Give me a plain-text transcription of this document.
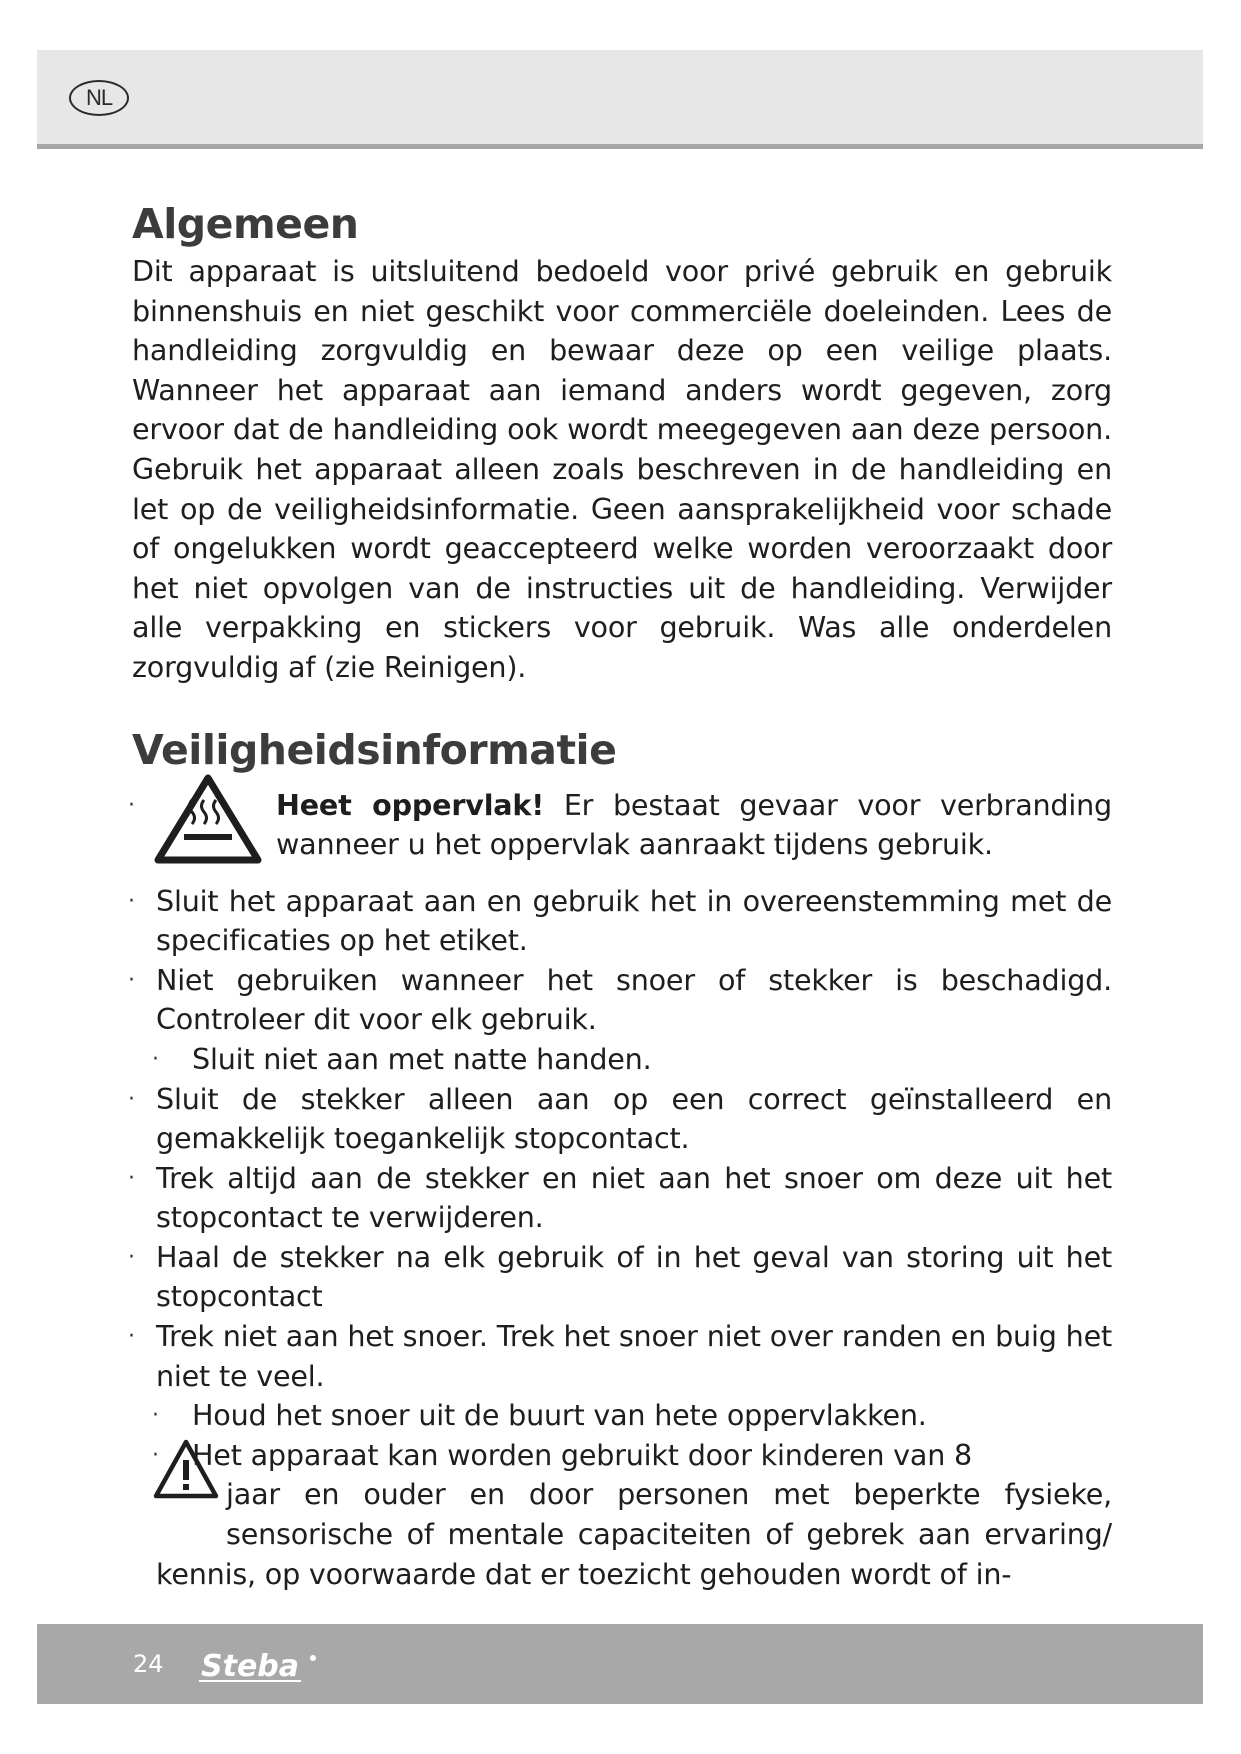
NL
Algemeen

Dit apparaat is uitsluitend bedoeld voor privé gebruik en gebruik binnenshuis en niet geschikt voor commerciële doeleinden. Lees de handleiding zorgvuldig en bewaar deze op een veilige plaats. Wanneer het apparaat aan iemand anders wordt gegeven, zorg ervoor dat de handleiding ook wordt meegegeven aan deze persoon. Gebruik het apparaat alleen zoals beschreven in de handleiding en let op de veiligheidsinformatie. Geen aansprakelijkheid voor schade of ongelukken wordt geaccepteerd welke worden veroorzaakt door het niet opvolgen van de instructies uit de handleiding. Verwijder alle verpakking en stickers voor gebruik. Was alle onderdelen zorgvuldig af (zie Reinigen).

Veiligheidsinformatie
·	Heet oppervlak! Er bestaat gevaar voor verbranding wanneer u het oppervlak aanraakt tijdens gebruik.
· Sluit het apparaat aan en gebruik het in overeenstemming met de specificaties op het etiket.
· Niet gebruiken wanneer het snoer of stekker is beschadigd. Controleer dit voor elk gebruik.
· Sluit niet aan met natte handen.
· Sluit de stekker alleen aan op een correct geïnstalleerd en gemakkelijk toegankelijk stopcontact.
· Trek altijd aan de stekker en niet aan het snoer om deze uit het stopcontact te verwijderen.
· Haal de stekker na elk gebruik of in het geval van storing uit het stopcontact
· Trek niet aan het snoer. Trek het snoer niet over randen en buig het niet te veel.
· Houd het snoer uit de buurt van hete oppervlakken.
·	Het apparaat kan worden gebruikt door kinderen van 8
jaar en ouder en door personen met beperkte fysieke, sensorische of mentale capaciteiten of gebrek aan ervaring/ kennis, op voorwaarde dat er toezicht gehouden wordt of in-
24 Steba
